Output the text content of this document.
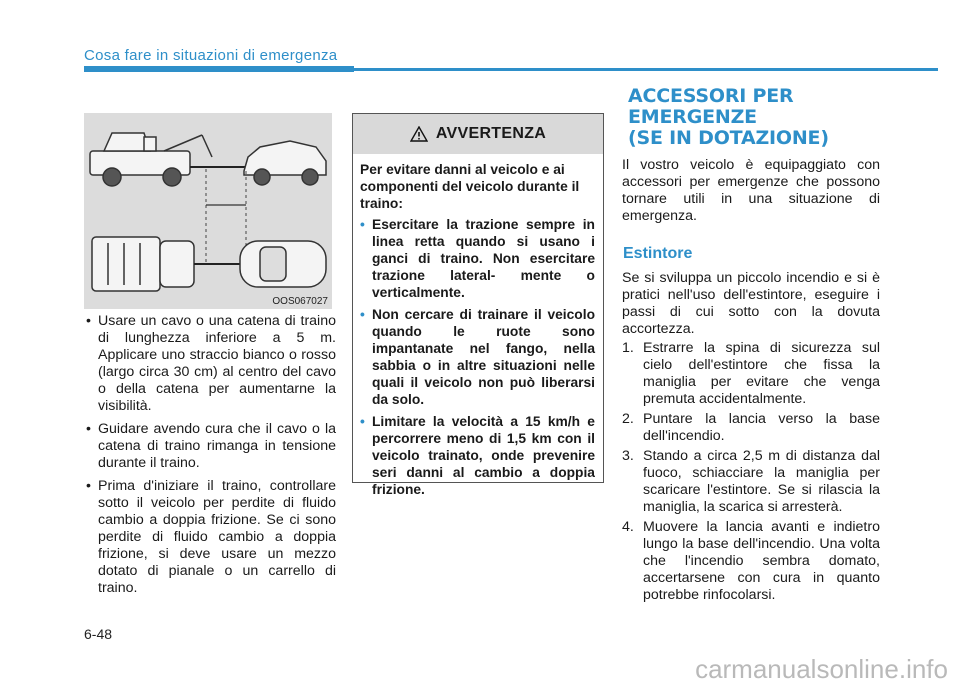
Cosa fare in situazioni di emergenza
OOS067027
• Usare un cavo o una catena di traino di lunghezza inferiore a 5 m. Applicare uno straccio bianco o rosso (largo circa 30 cm) al centro del cavo o della catena per aumentarne la visibilità.
• Guidare avendo cura che il cavo o la catena di traino rimanga in tensione durante il traino.
• Prima d'iniziare il traino, controllare sotto il veicolo per perdite di fluido cambio a doppia frizione. Se ci sono perdite di fluido cambio a doppia frizione, si deve usare un mezzo dotato di pianale o un carrello di traino.
AVVERTENZA

Per evitare danni al veicolo e ai componenti del veicolo durante il traino:

• Esercitare la trazione sempre in linea retta quando si usano i ganci di traino. Non esercitare trazione lateral- mente o verticalmente.
• Non cercare di trainare il veicolo quando le ruote sono impantanate nel fango, nella sabbia o in altre situazioni nelle quali il veicolo non può liberarsi da solo.
• Limitare la velocità a 15 km/h e percorrere meno di 1,5 km con il veicolo trainato, onde prevenire seri danni al cambio a doppia frizione.
ACCESSORI PER
EMERGENZE
(SE IN DOTAZIONE)

Il vostro veicolo è equipaggiato con accessori per emergenze che possono tornare utili in una situazione di emergenza.

Estintore

Se si sviluppa un piccolo incendio e si è pratici nell'uso dell'estintore, eseguire i passi di cui sotto con la dovuta accortezza.

1. Estrarre la spina di sicurezza sul cielo dell'estintore che fissa la maniglia per evitare che venga premuta accidentalmente.
2. Puntare la lancia verso la base dell'incendio.
3. Stando a circa 2,5 m di distanza dal fuoco, schiacciare la maniglia per scaricare l'estintore. Se si rilascia la maniglia, la scarica si arresterà.
4. Muovere la lancia avanti e indietro lungo la base dell'incendio. Una volta che l'incendio sembra domato, accertarsene con cura in quanto potrebbe rinfocolarsi.
6-48
carmanualsonline.info
